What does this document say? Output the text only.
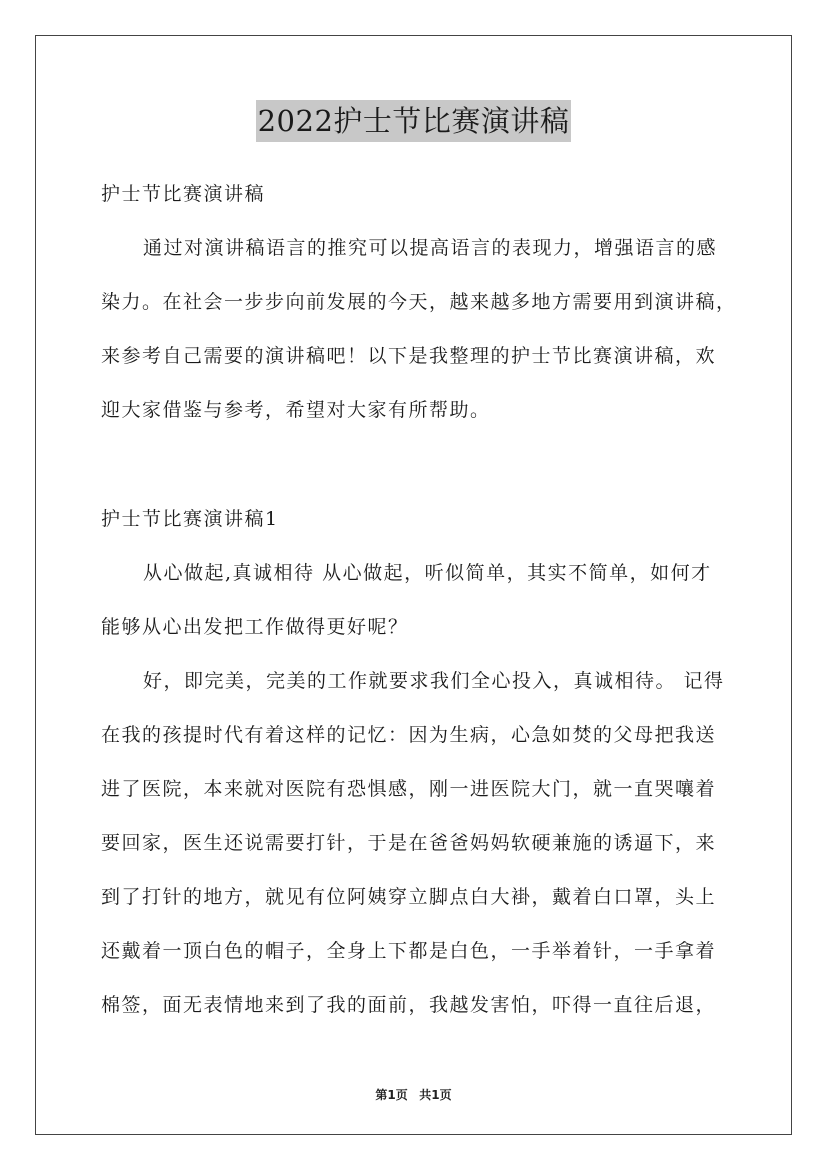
2022护士节比赛演讲稿
护士节比赛演讲稿
通过对演讲稿语言的推究可以提高语言的表现力，增强语言的感
染力。在社会一步步向前发展的今天，越来越多地方需要用到演讲稿，
来参考自己需要的演讲稿吧！以下是我整理的护士节比赛演讲稿，欢
迎大家借鉴与参考，希望对大家有所帮助。
护士节比赛演讲稿1
从心做起,真诚相待 从心做起，听似简单，其实不简单，如何才
能够从心出发把工作做得更好呢？
好，即完美，完美的工作就要求我们全心投入，真诚相待。 记得
在我的孩提时代有着这样的记忆：因为生病，心急如焚的父母把我送
进了医院，本来就对医院有恐惧感，刚一进医院大门，就一直哭嚷着
要回家，医生还说需要打针，于是在爸爸妈妈软硬兼施的诱逼下，来
到了打针的地方，就见有位阿姨穿立脚点白大褂，戴着白口罩，头上
还戴着一顶白色的帽子，全身上下都是白色，一手举着针，一手拿着
棉签，面无表情地来到了我的面前，我越发害怕，吓得一直往后退，
第1页 共1页
